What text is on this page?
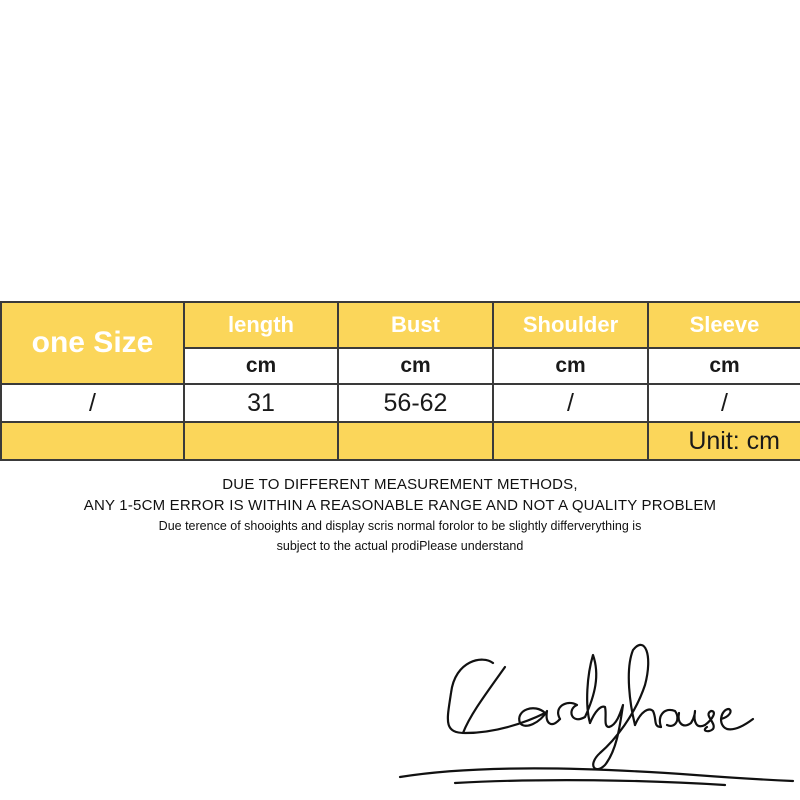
one Size	length	Bust	Shoulder	Sleeve
	cm	cm	cm	cm
/	31	56-62	/	/
				Unit: cm
DUE TO DIFFERENT MEASUREMENT METHODS,
ANY 1-5CM ERROR IS WITHIN A REASONABLE RANGE AND NOT A QUALITY PROBLEM
Due terence of shooights and display scris normal forolor to be slightly differverything is
subject to the actual prodiPlease understand
